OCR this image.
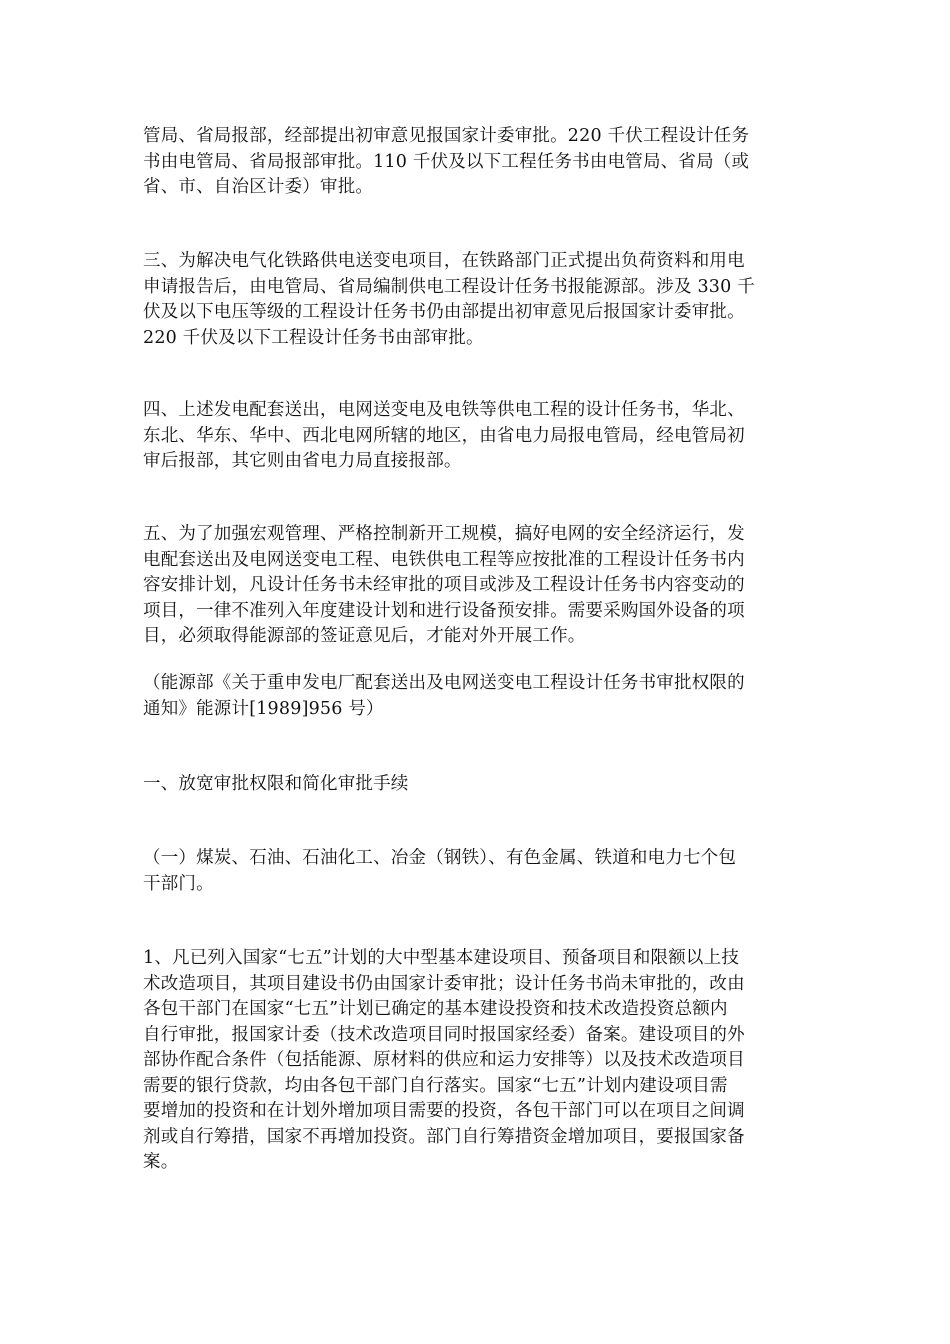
管局、省局报部，经部提出初审意见报国家计委审批。220 千伏工程设计任务
书由电管局、省局报部审批。110 千伏及以下工程任务书由电管局、省局（或
省、市、自治区计委）审批。
三、为解决电气化铁路供电送变电项目，在铁路部门正式提出负荷资料和用电
申请报告后，由电管局、省局编制供电工程设计任务书报能源部。涉及 330 千
伏及以下电压等级的工程设计任务书仍由部提出初审意见后报国家计委审批。
220 千伏及以下工程设计任务书由部审批。
四、上述发电配套送出，电网送变电及电铁等供电工程的设计任务书，华北、
东北、华东、华中、西北电网所辖的地区，由省电力局报电管局，经电管局初
审后报部，其它则由省电力局直接报部。
五、为了加强宏观管理、严格控制新开工规模，搞好电网的安全经济运行，发
电配套送出及电网送变电工程、电铁供电工程等应按批准的工程设计任务书内
容安排计划，凡设计任务书未经审批的项目或涉及工程设计任务书内容变动的
项目，一律不准列入年度建设计划和进行设备预安排。需要采购国外设备的项
目，必须取得能源部的签证意见后，才能对外开展工作。
（能源部《关于重申发电厂配套送出及电网送变电工程设计任务书审批权限的
通知》能源计[1989]956 号）
一、放宽审批权限和简化审批手续
（一）煤炭、石油、石油化工、冶金（钢铁）、有色金属、铁道和电力七个包
干部门。
1、凡已列入国家“七五”计划的大中型基本建设项目、预备项目和限额以上技
术改造项目，其项目建设书仍由国家计委审批；设计任务书尚未审批的，改由
各包干部门在国家“七五”计划已确定的基本建设投资和技术改造投资总额内
自行审批，报国家计委（技术改造项目同时报国家经委）备案。建设项目的外
部协作配合条件（包括能源、原材料的供应和运力安排等）以及技术改造项目
需要的银行贷款，均由各包干部门自行落实。国家“七五”计划内建设项目需
要增加的投资和在计划外增加项目需要的投资，各包干部门可以在项目之间调
剂或自行筹措，国家不再增加投资。部门自行筹措资金增加项目，要报国家备
案。
